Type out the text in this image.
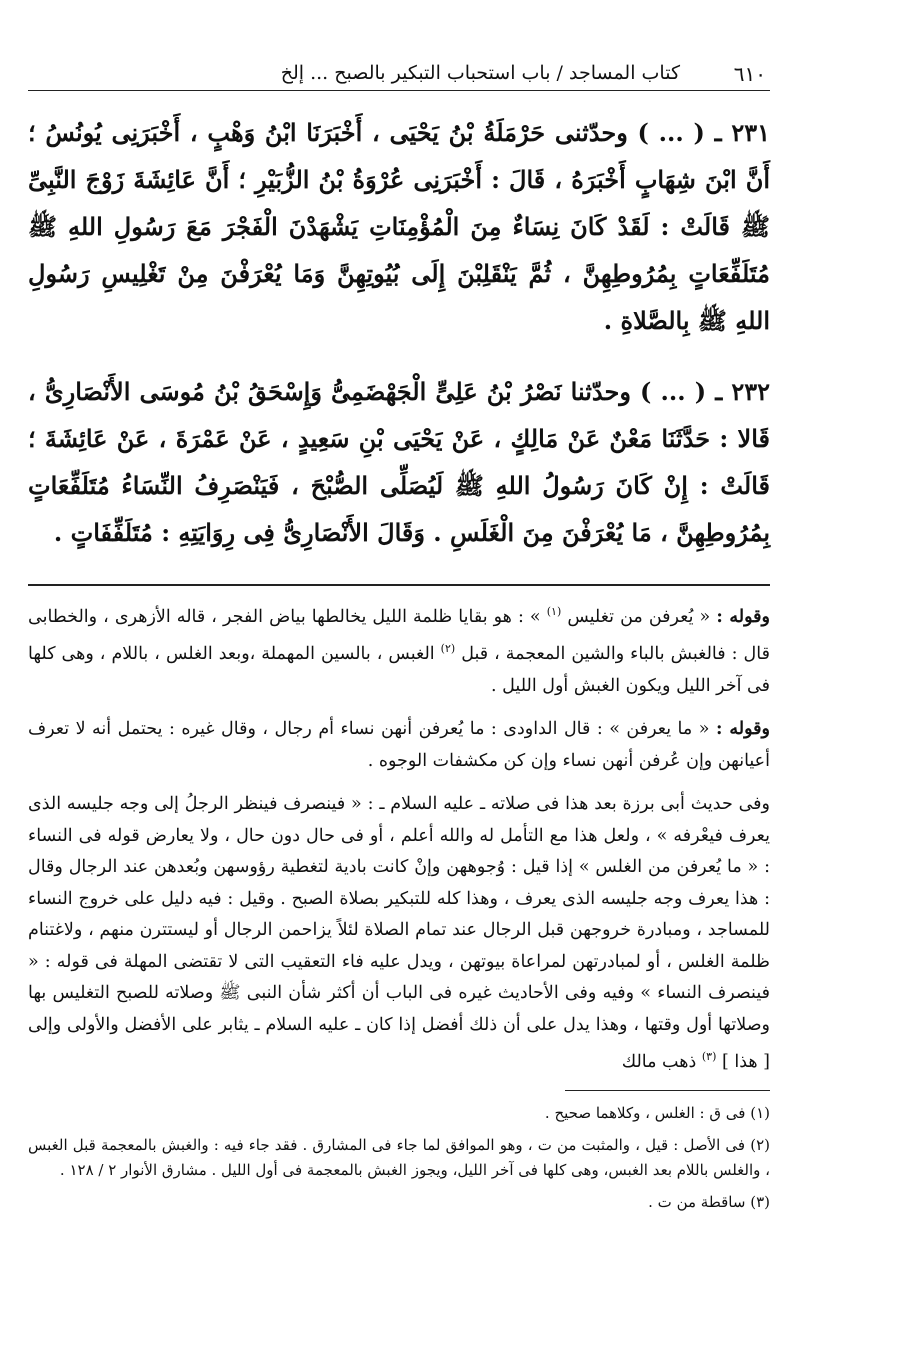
٦١٠
كتاب المساجد / باب استحباب التبكير بالصبح ... إلخ

٢٣١ ـ ( ... ) وحدّثنى حَرْمَلَةُ بْنُ يَحْيَى ، أَخْبَرَنَا ابْنُ وَهْبٍ ، أَخْبَرَنِى يُونُسُ ؛ أَنَّ ابْنَ شِهَابٍ أَخْبَرَهُ ، قَالَ : أَخْبَرَنِى عُرْوَةُ بْنُ الزُّبَيْرِ ؛ أَنَّ عَائِشَةَ زَوْجَ النَّبِىِّ ﷺ قَالَتْ : لَقَدْ كَانَ نِسَاءٌ مِنَ الْمُؤْمِنَاتِ يَشْهَدْنَ الْفَجْرَ مَعَ رَسُولِ اللهِ ﷺ مُتَلَفِّعَاتٍ بِمُرُوطِهِنَّ ، ثُمَّ يَنْقَلِبْنَ إِلَى بُيُوتِهِنَّ وَمَا يُعْرَفْنَ مِنْ تَغْلِيسِ رَسُولِ اللهِ ﷺ بِالصَّلاةِ .

٢٣٢ ـ ( ... ) وحدّثنا نَصْرُ بْنُ عَلِىٍّ الْجَهْضَمِىُّ وَإِسْحَقُ بْنُ مُوسَى الأَنْصَارِىُّ ، قَالا : حَدَّثَنَا مَعْنٌ عَنْ مَالِكٍ ، عَنْ يَحْيَى بْنِ سَعِيدٍ ، عَنْ عَمْرَةَ ، عَنْ عَائِشَةَ ؛ قَالَتْ : إِنْ كَانَ رَسُولُ اللهِ ﷺ لَيُصَلِّى الصُّبْحَ ، فَيَنْصَرِفُ النِّسَاءُ مُتَلَفِّعَاتٍ بِمُرُوطِهِنَّ ، مَا يُعْرَفْنَ مِنَ الْغَلَسِ . وَقَالَ الأَنْصَارِىُّ فِى رِوَايَتِهِ : مُتَلَفِّفَاتٍ .

وقوله : « يُعرفن من تغليس $^{(١)}$ » : هو بقايا ظلمة الليل يخالطها بياض الفجر ، قاله الأزهرى ، والخطابى قال : فالغبش بالباء والشين المعجمة ، قبل $^{(٢)}$ الغبس ، بالسين المهملة ،وبعد الغلس ، باللام ، وهى كلها فى آخر الليل ويكون الغبش أول الليل .

وقوله : « ما يعرفن » : قال الداودى : ما يُعرفن أنهن نساء أم رجال ، وقال غيره : يحتمل أنه لا تعرف أعيانهن وإن عُرفن أنهن نساء وإن كن مكشفات الوجوه .

وفى حديث أبى برزة بعد هذا فى صلاته ـ عليه السلام ـ : « فينصرف فينظر الرجلُ إلى وجه جليسه الذى يعرف فيعْرفه » ، ولعل هذا مع التأمل له والله أعلم ، أو فى حال دون حال ، ولا يعارض قوله فى النساء : « ما يُعرفن من الغلس » إذا قيل : وُجوههن وإنْ كانت بادية لتغطية رؤوسهن وبُعدهن عند الرجال وقال : هذا يعرف وجه جليسه الذى يعرف ، وهذا كله للتبكير بصلاة الصبح . وقيل : فيه دليل على خروج النساء للمساجد ، ومبادرة خروجهن قبل الرجال عند تمام الصلاة لئلاً يزاحمن الرجال أو ليستترن منهم ، ولاغتنام ظلمة الغلس ، أو لمبادرتهن لمراعاة بيوتهن ، ويدل عليه فاء التعقيب التى لا تقتضى المهلة فى قوله : « فينصرف النساء » وفيه وفى الأحاديث غيره فى الباب أن أكثر شأن النبى ﷺ وصلاته للصبح التغليس بها وصلاتها أول وقتها ، وهذا يدل على أن ذلك أفضل إذا كان ـ عليه السلام ـ يثابر على الأفضل والأولى وإلى [ هذا ] $^{(٣)}$ ذهب مالك

(١) فى ق : الغلس ، وكلاهما صحيح .

(٢) فى الأصل : قيل ، والمثبت من ت ، وهو الموافق لما جاء فى المشارق . فقد جاء فيه : والغبش بالمعجمة قبل الغبس ، والغلس باللام بعد الغبس، وهى كلها فى آخر الليل، ويجوز الغبش بالمعجمة فى أول الليل . مشارق الأنوار ٢ / ١٢٨ .

(٣) ساقطة من ت .
